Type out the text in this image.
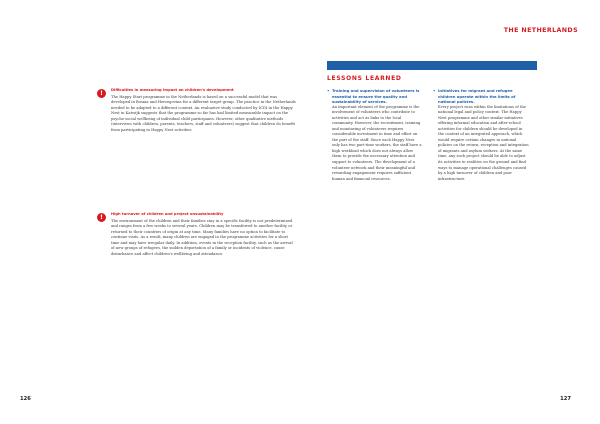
!	Difficulties in measuring impact on children's development

The Happy Start programme in the Netherlands is based on a successful model that was developed in Bosnia and Herzegovina for a different target group. The practice in the Netherlands needed to be adapted to a different context. An evaluative study conducted by ICDI in the Happy Nest in Katwijk suggests that the programme so far has had limited measurable impact on the psycho-social wellbeing of individual child participants. However, other qualitative methods (interviews with children, parents, teachers, staff and volunteers) suggest that children do benefit from participating in Happy Nest activities.

!	High turnover of children and project unsustainability

The environment of the children and their families stay in a specific facility is not predetermined and ranges from a few weeks to several years. Children may be transferred to another facility or returned to their countries of origin at any time. Many families have no option to facilitate to continue visits. As a result, many children are engaged in the programme activities for a short time and may have irregular daily. In addition, events in the reception facility, such as the arrival of new groups of refugees, the sudden deportation of a family or incidents of violence, cause disturbance and affect children's wellbeing and attendance.

126
THE NETHERLANDS
LESSONS LEARNED
• Training and supervision of volunteers is essential to ensure the quality and sustainability of services.

An important element of the programme is the involvement of volunteers who contribute to activities and act as links to the local community. However, the recruitment, training and monitoring of volunteers requires considerable investment in time and effort on the part of the staff. Since each Happy Nest only has two part-time workers, the staff have a high workload which does not always allow them to provide the necessary attention and support to volunteers. The development of a volunteer network and their meaningful and rewarding engagement requires sufficient human and financial resources.

• Initiatives for migrant and refugee children operate within the limits of national policies.

Every project runs within the limitations of the national legal and policy context. The Happy Nest programme and other similar initiatives offering informal education and after-school activities for children should be developed in the context of an integrated approach, which would require certain changes in national policies on the return, reception and integration of migrants and asylum seekers. At the same time, any such project should be able to adjust its activities to realities on the ground and find ways to manage operational challenges caused by a high turnover of children and poor infrastructure.

127
